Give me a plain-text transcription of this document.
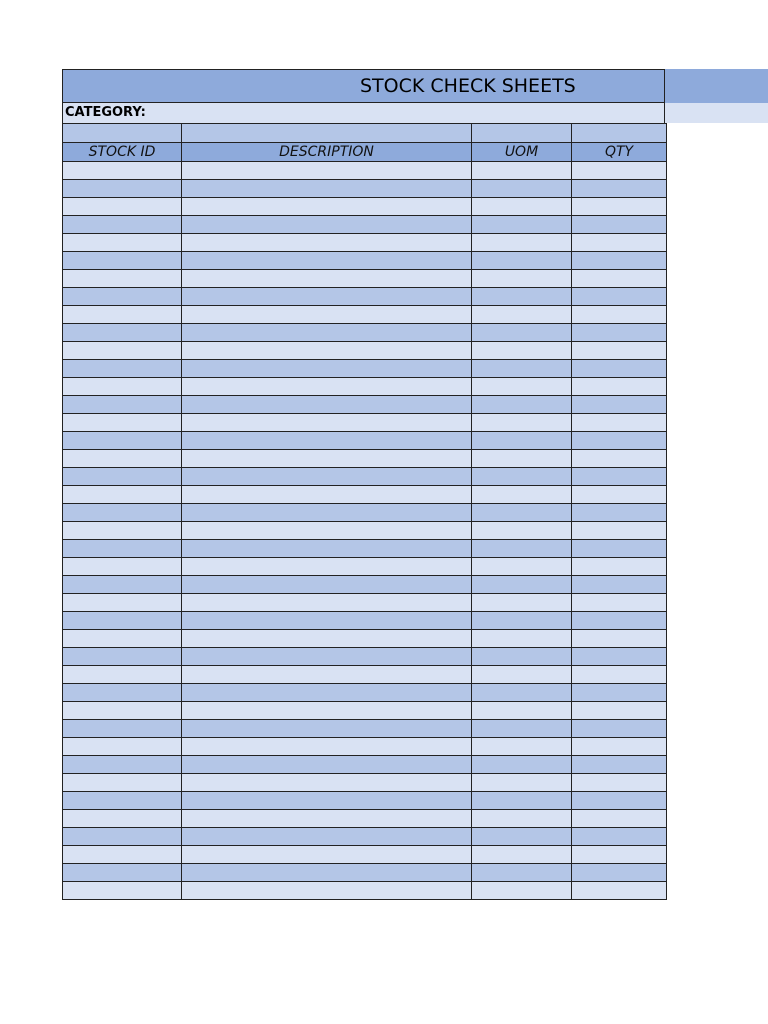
STOCK CHECK SHEETS
CATEGORY:

STOCK ID	DESCRIPTION	UOM	QTY
